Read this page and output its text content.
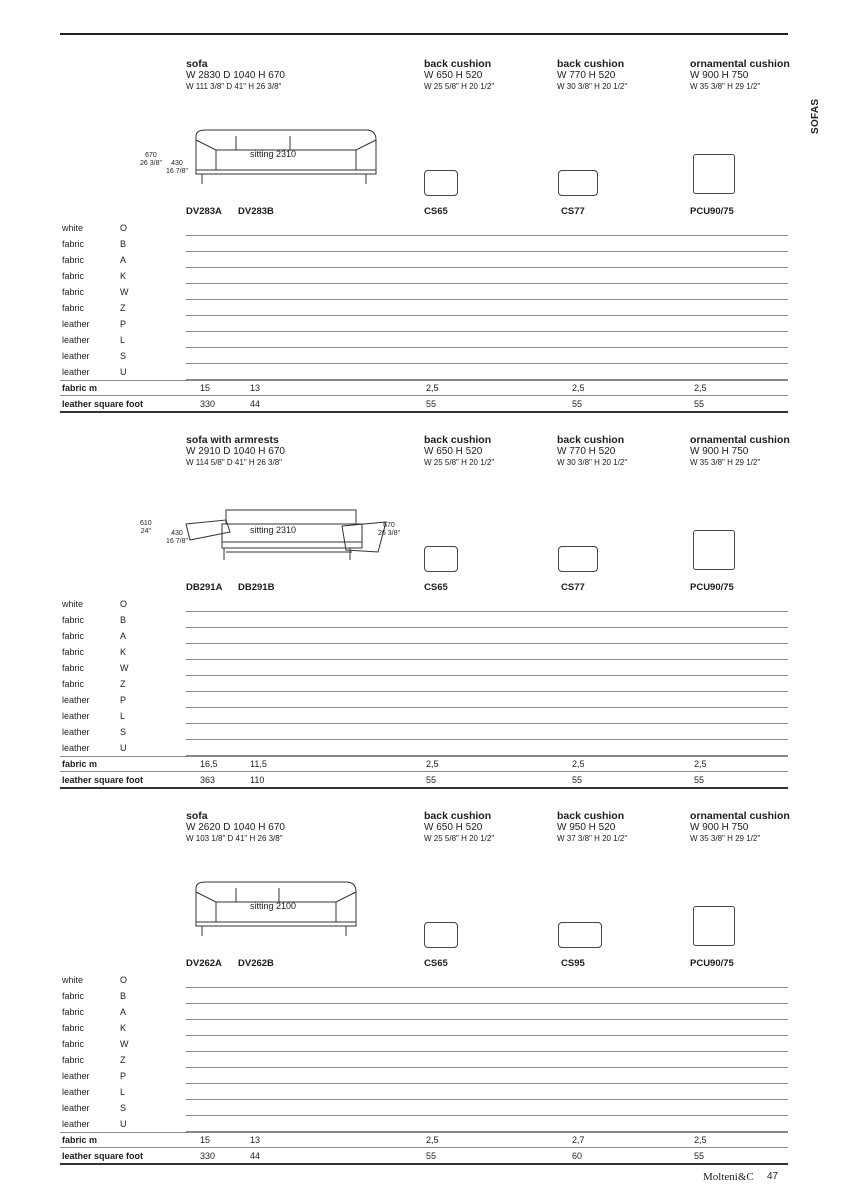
SOFAS
sofa
W 2830 D 1040 H 670
W 111 3/8" D 41" H 26 3/8"
back cushion
W 650 H 520
W 25 5/8" H 20 1/2"
back cushion
W 770 H 520
W 30 3/8" H 20 1/2"
ornamental cushion
W 900 H 750
W 35 3/8" H 29 1/2"
sitting 2310
670
26 3/8"	430
16 7/8"
DV283A DV283B	CS65	CS77	PCU90/75
white	O
fabric	B
fabric	A
fabric	K
fabric	W
fabric	Z
leather	P
leather	L
leather	S
leather	U
fabric m	15	13	2,5	2,5	2,5
leather square foot	330	44	55	55	55
sofa with armrests
W 2910 D 1040 H 670
W 114 5/8" D 41" H 26 3/8"
back cushion
W 650 H 520
W 25 5/8" H 20 1/2"
back cushion
W 770 H 520
W 30 3/8" H 20 1/2"
ornamental cushion
W 900 H 750
W 35 3/8" H 29 1/2"
sitting 2310
610
24"	430
16 7/8"
670
26 3/8"
DB291A DB291B	CS65	CS77	PCU90/75
white	O
fabric	B
fabric	A
fabric	K
fabric	W
fabric	Z
leather	P
leather	L
leather	S
leather	U
fabric m	16,5	11,5	2,5	2,5	2,5
leather square foot	363	110	55	55	55
sofa
W 2620 D 1040 H 670
W 103 1/8" D 41" H 26 3/8"
back cushion
W 650 H 520
W 25 5/8" H 20 1/2"
back cushion
W 950 H 520
W 37 3/8" H 20 1/2"
ornamental cushion
W 900 H 750
W 35 3/8" H 29 1/2"
sitting 2100
DV262A DV262B	CS65	CS95	PCU90/75
white	O
fabric	B
fabric	A
fabric	K
fabric	W
fabric	Z
leather	P
leather	L
leather	S
leather	U
fabric m	15	13	2,5	2,7	2,5
leather square foot	330	44	55	60	55
Molteni&C 47
